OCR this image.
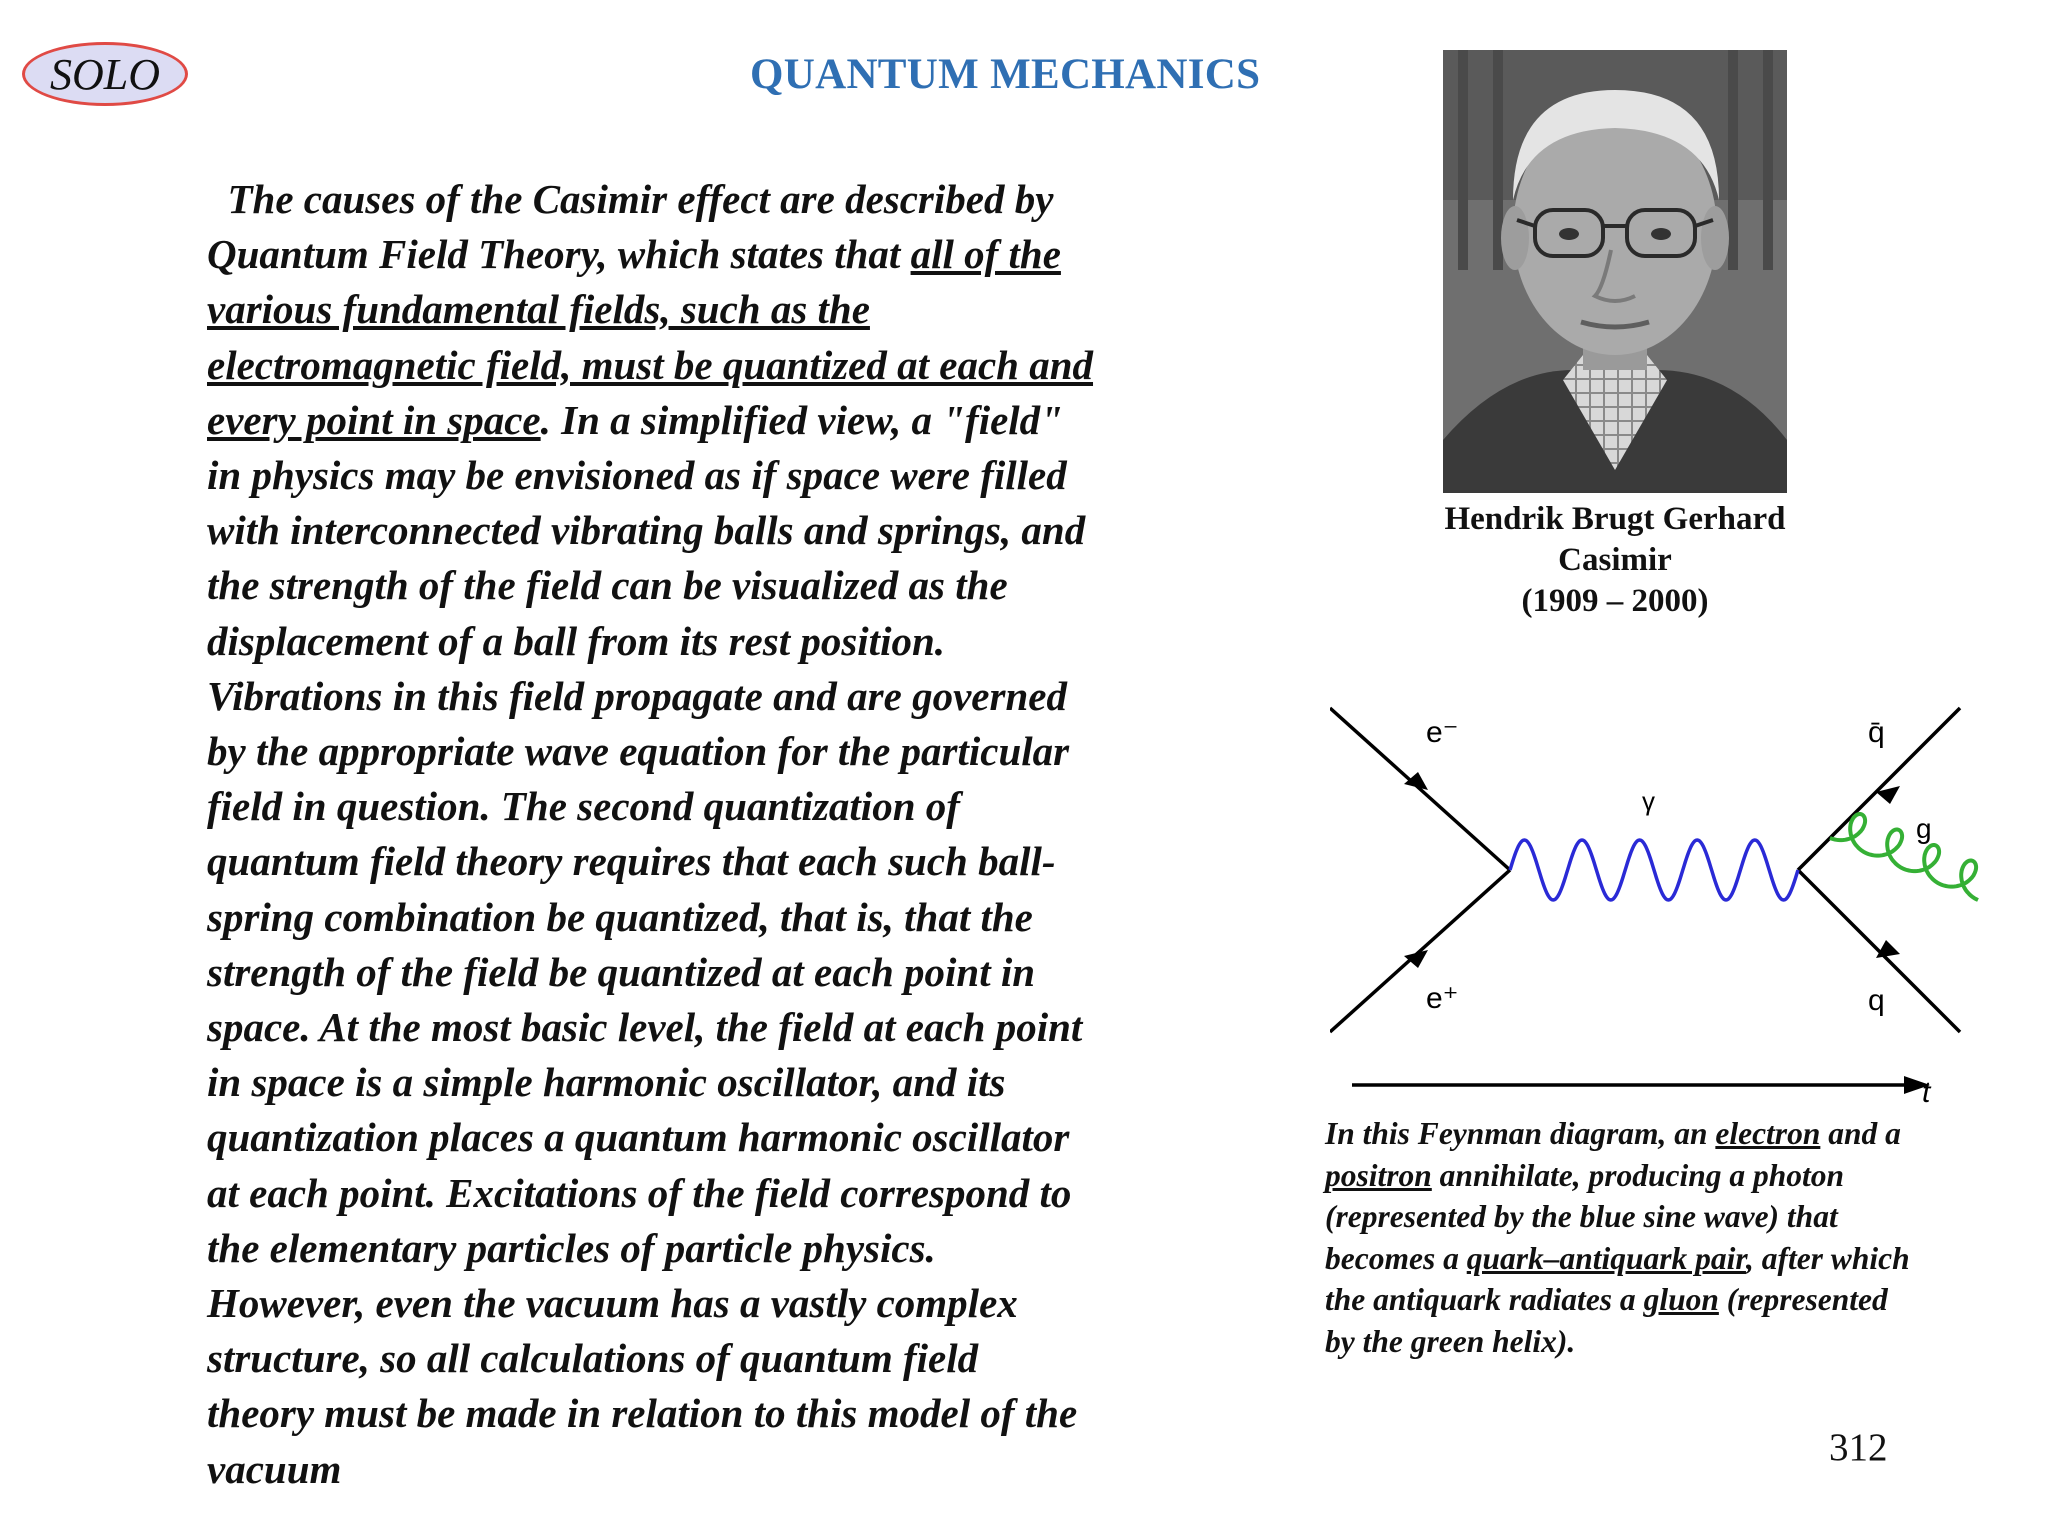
SOLO	QUANTUM MECHANICS
The causes of the Casimir effect are described by
Quantum Field Theory, which states that all of the
various fundamental fields, such as the
electromagnetic field, must be quantized at each and
every point in space. In a simplified view, a "field"
in physics may be envisioned as if space were filled
with interconnected vibrating balls and springs, and
the strength of the field can be visualized as the
displacement of a ball from its rest position.
Vibrations in this field propagate and are governed
by the appropriate wave equation for the particular
field in question. The second quantization of
quantum field theory requires that each such ball-
spring combination be quantized, that is, that the
strength of the field be quantized at each point in
space. At the most basic level, the field at each point
in space is a simple harmonic oscillator, and its
quantization places a quantum harmonic oscillator
at each point. Excitations of the field correspond to
the elementary particles of particle physics.
However, even the vacuum has a vastly complex
structure, so all calculations of quantum field
theory must be made in relation to this model of the
vacuum
Hendrik Brugt Gerhard
Casimir
(1909 – 2000)
e⁻
e⁺
γ
q̄
g
q
t
In this Feynman diagram, an electron and a
positron annihilate, producing a photon
(represented by the blue sine wave) that
becomes a quark–antiquark pair, after which
the antiquark radiates a gluon (represented
by the green helix).
312
